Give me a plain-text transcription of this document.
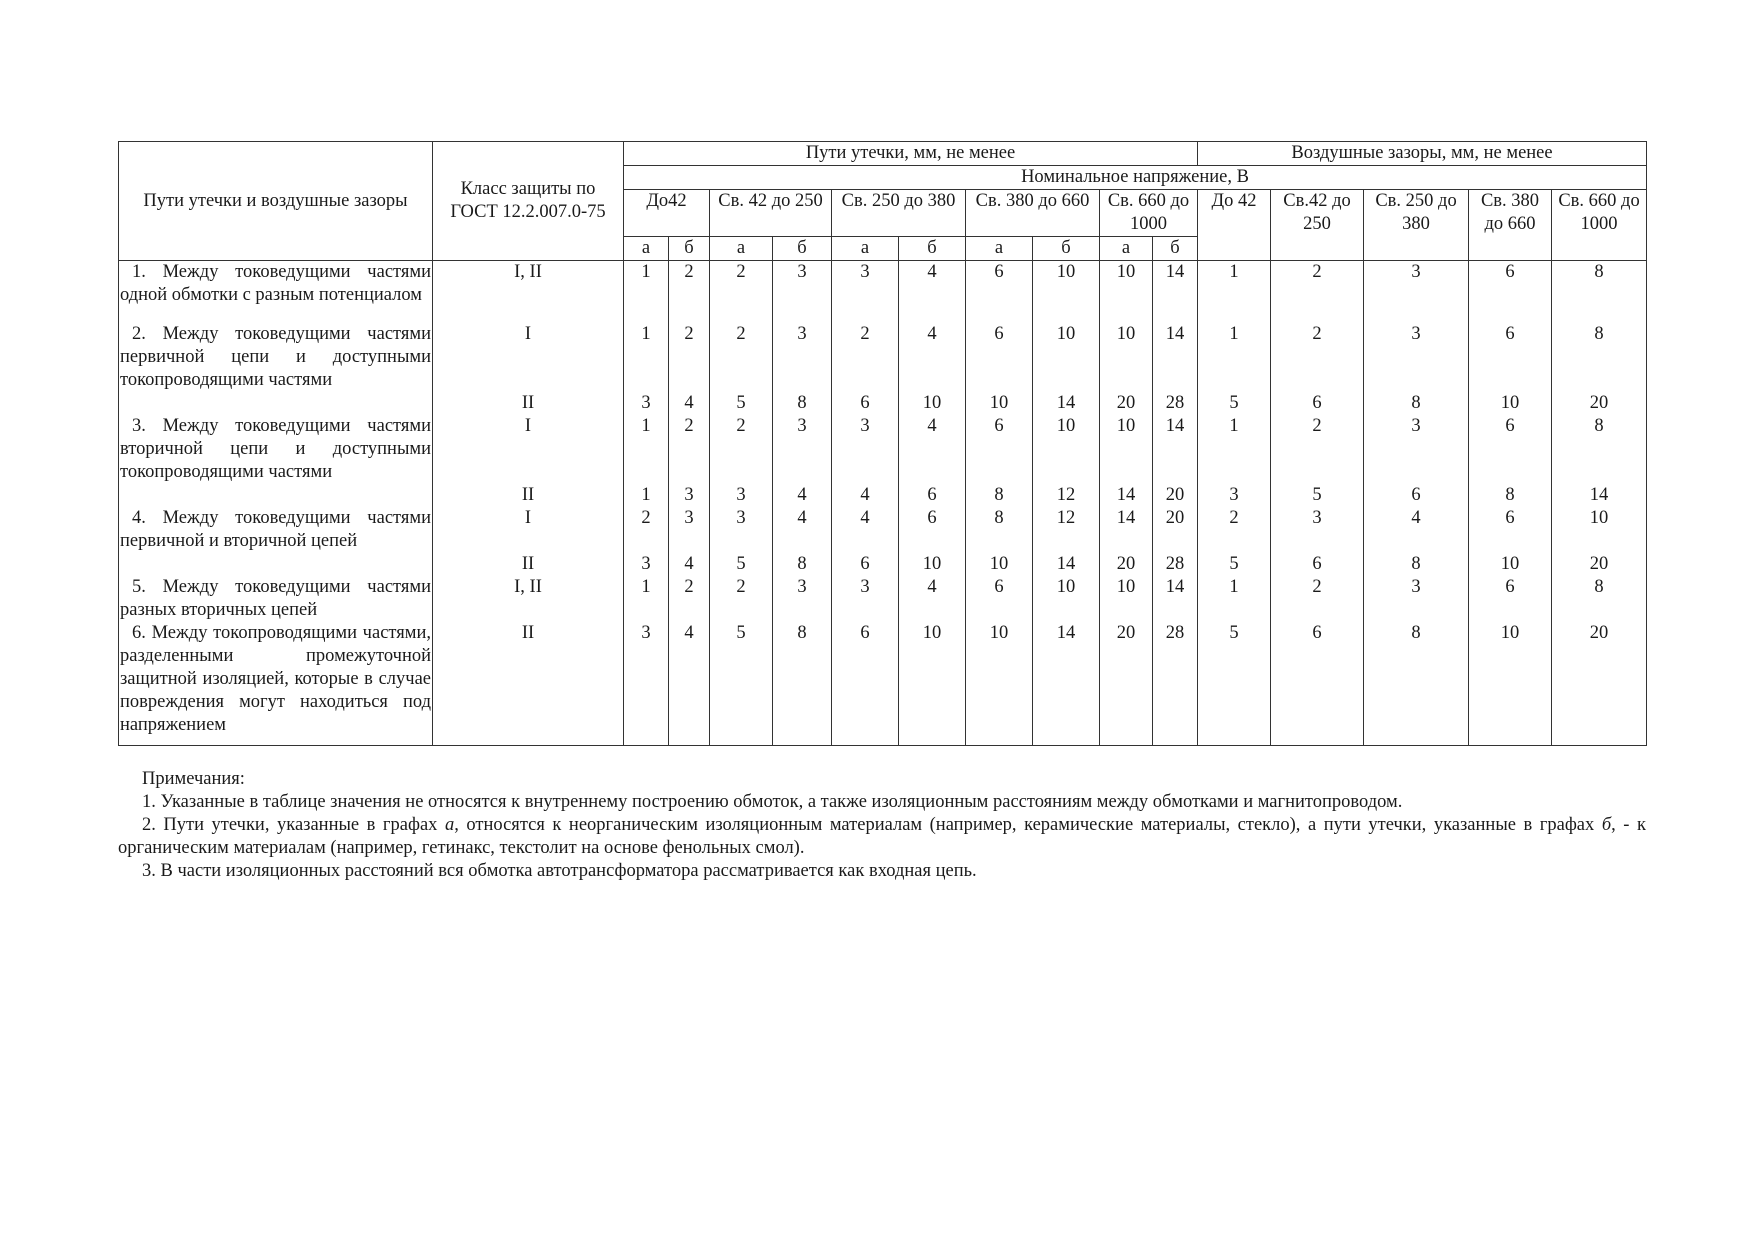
Пути утечки и воздушные зазоры	Класс защиты по ГОСТ 12.2.007.0-75	Пути утечки, мм, не менее										Воздушные зазоры, мм, не менее				
		Номинальное напряжение, В														
		До42		Св. 42 до 250		Св. 250 до 380		Св. 380 до 660		Св. 660 до 1000		До 42	Св.42 до 250	Св. 250 до 380	Св. 380 до 660	Св. 660 до 1000
		а	б	а	б	а	б	а	б	а	б					
1. Между токоведущими частями одной обмотки с разным потенциалом	I, II	1	2	2	3	3	4	6	10	10	14	1	2	3	6	8
2. Между токоведущими частями первичной цепи и доступными токопроводящими частями	I	1	2	2	3	2	4	6	10	10	14	1	2	3	6	8
	II	3	4	5	8	6	10	10	14	20	28	5	6	8	10	20
3. Между токоведущими частями вторичной цепи и доступными токопроводящими частями	I	1	2	2	3	3	4	6	10	10	14	1	2	3	6	8
	II	1	3	3	4	4	6	8	12	14	20	3	5	6	8	14
4. Между токоведущими частями первичной и вторичной цепей	I	2	3	3	4	4	6	8	12	14	20	2	3	4	6	10
	II	3	4	5	8	6	10	10	14	20	28	5	6	8	10	20
5. Между токоведущими частями разных вторичных цепей	I, II	1	2	2	3	3	4	6	10	10	14	1	2	3	6	8
6. Между токопроводящими частями, разделенными промежуточной защитной изоляцией, которые в случае повреждения могут находиться под напряжением	II	3	4	5	8	6	10	10	14	20	28	5	6	8	10	20

Примечания:

1. Указанные в таблице значения не относятся к внутреннему построению обмоток, а также изоляционным расстояниям между обмотками и магнитопроводом.

2. Пути утечки, указанные в графах а, относятся к неорганическим изоляционным материалам (например, керамические материалы, стекло), а пути утечки, указанные в графах б, - к органическим материалам (например, гетинакс, текстолит на основе фенольных смол).

3. В части изоляционных расстояний вся обмотка автотрансформатора рассматривается как входная цепь.
